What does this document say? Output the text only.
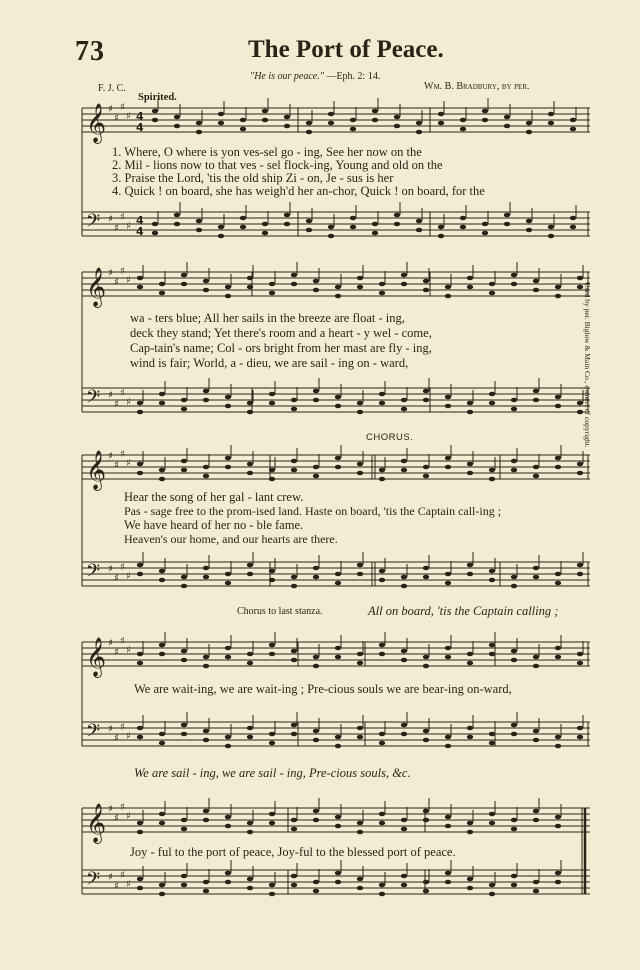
𝄞
𝄢
𝄞
𝄢
𝄞
𝄢
𝄞
𝄢
𝄞
𝄢
♯
♯
♯
♯
♯
♯
♯
♯
♯
♯
♯
♯
♯
♯
♯
♯
♯
♯
♯
♯
♯
♯
♯
♯
♯
♯
♯
♯
♯
♯
♯
♯
♯
♯
♯
♯
♯
♯
♯
♯
4
4
4
4
73	The Port of Peace.
"He is our peace." —Eph. 2: 14.
F. J. C.	Wm. B. Bradbury, by per.
Spirited.
1. Where, O where is yon ves-sel go - ing, See her now on the
2. Mil - lions now to that ves - sel flock-ing, Young and old on the
3. Praise the Lord, 'tis the old ship Zi - on, Je - sus is her
4. Quick ! on board, she has weigh'd her an-chor, Quick ! on board, for the
wa - ters blue; All her sails in the breeze are float - ing,
deck they stand; Yet there's room and a heart - y wel - come,
Cap-tain's name; Col - ors bright from her mast are fly - ing,
wind is fair; World, a - dieu, we are sail - ing on - ward,
CHORUS.
Hear the song of her gal - lant crew.
Pas - sage free to the prom-ised land. Haste on board, 'tis the Captain call-ing ;
We have heard of her no - ble fame.
Heaven's our home, and our hearts are there.
Chorus to last stanza.	All on board, 'tis the Captain calling ;
We are wait-ing, we are wait-ing ; Pre-cious souls we are bear-ing on-ward,
We are sail - ing, we are sail - ing, Pre-cious souls, &c.
Joy - ful to the port of peace, Joy-ful to the blessed port of peace.
Used by per. Biglow & Main Co., owners of copyright.
